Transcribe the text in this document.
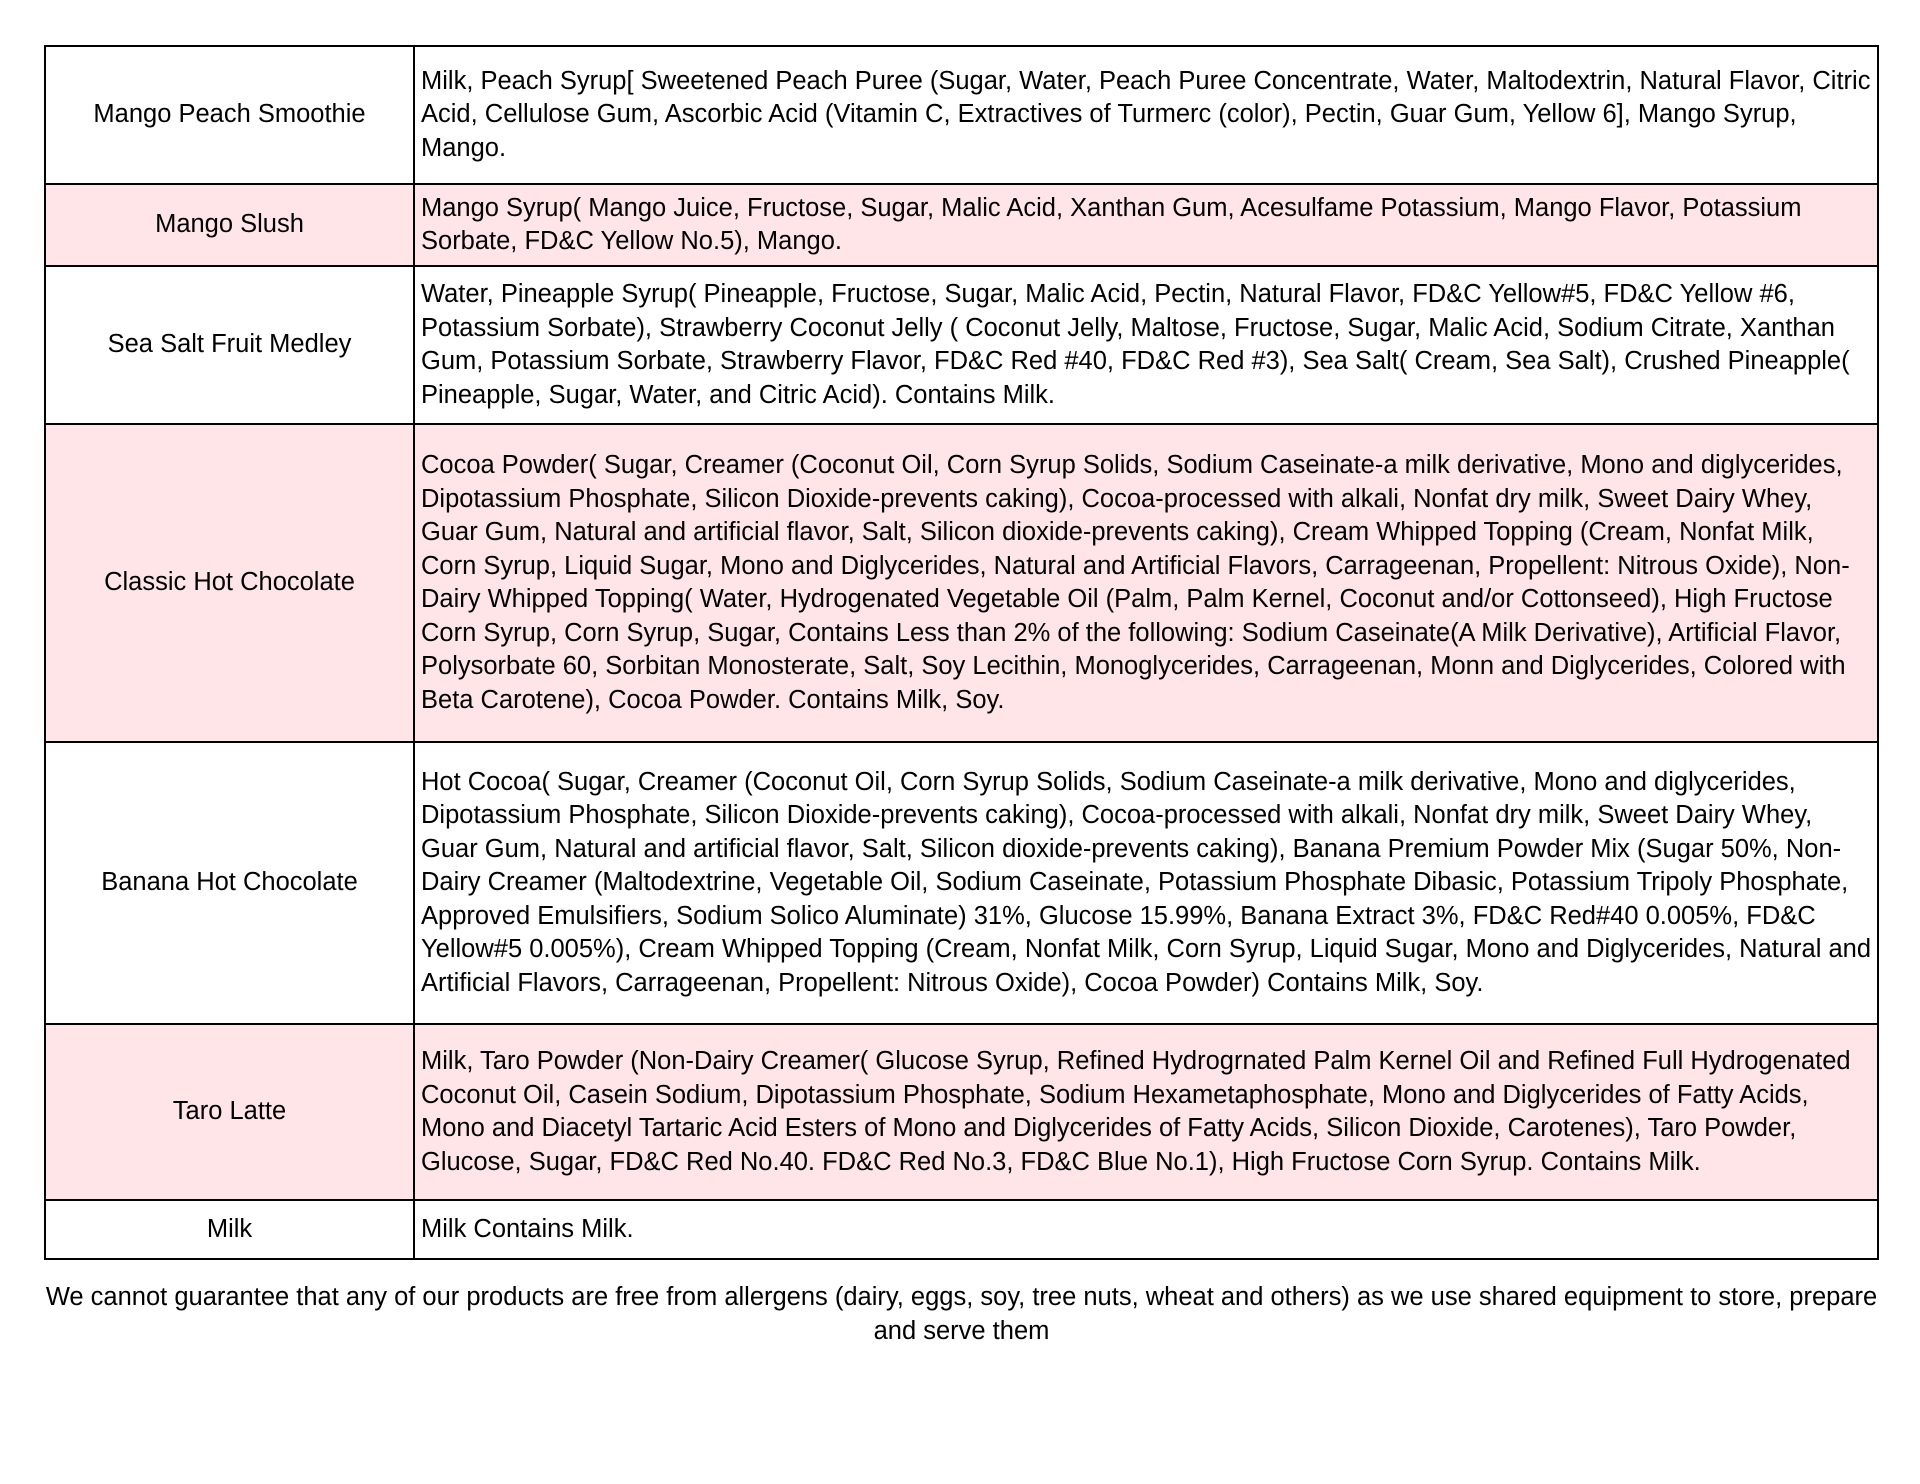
Mango Peach Smoothie	Milk, Peach Syrup[ Sweetened Peach Puree (Sugar, Water, Peach Puree Concentrate, Water, Maltodextrin, Natural Flavor, Citric Acid, Cellulose Gum, Ascorbic Acid (Vitamin C, Extractives of Turmerc (color), Pectin, Guar Gum, Yellow 6], Mango Syrup, Mango.
Mango Slush	Mango Syrup( Mango Juice, Fructose, Sugar, Malic Acid, Xanthan Gum, Acesulfame Potassium, Mango Flavor, Potassium Sorbate, FD&C Yellow No.5), Mango.
Sea Salt Fruit Medley	Water, Pineapple Syrup( Pineapple, Fructose, Sugar, Malic Acid, Pectin, Natural Flavor, FD&C Yellow#5, FD&C Yellow #6, Potassium Sorbate), Strawberry Coconut Jelly ( Coconut Jelly, Maltose, Fructose, Sugar, Malic Acid, Sodium Citrate, Xanthan Gum, Potassium Sorbate, Strawberry Flavor, FD&C Red #40, FD&C Red #3), Sea Salt( Cream, Sea Salt), Crushed Pineapple( Pineapple, Sugar, Water, and Citric Acid). Contains Milk.
Classic Hot Chocolate	Cocoa Powder( Sugar, Creamer (Coconut Oil, Corn Syrup Solids, Sodium Caseinate-a milk derivative, Mono and diglycerides, Dipotassium Phosphate, Silicon Dioxide-prevents caking), Cocoa-processed with alkali, Nonfat dry milk, Sweet Dairy Whey, Guar Gum, Natural and artificial flavor, Salt, Silicon dioxide-prevents caking), Cream Whipped Topping (Cream, Nonfat Milk, Corn Syrup, Liquid Sugar, Mono and Diglycerides, Natural and Artificial Flavors, Carrageenan, Propellent: Nitrous Oxide), Non-Dairy Whipped Topping( Water, Hydrogenated Vegetable Oil (Palm, Palm Kernel, Coconut and/or Cottonseed), High Fructose Corn Syrup, Corn Syrup, Sugar, Contains Less than 2% of the following: Sodium Caseinate(A Milk Derivative), Artificial Flavor, Polysorbate 60, Sorbitan Monosterate, Salt, Soy Lecithin, Monoglycerides, Carrageenan, Monn and Diglycerides, Colored with Beta Carotene), Cocoa Powder. Contains Milk, Soy.
Banana Hot Chocolate	Hot Cocoa( Sugar, Creamer (Coconut Oil, Corn Syrup Solids, Sodium Caseinate-a milk derivative, Mono and diglycerides, Dipotassium Phosphate, Silicon Dioxide-prevents caking), Cocoa-processed with alkali, Nonfat dry milk, Sweet Dairy Whey, Guar Gum, Natural and artificial flavor, Salt, Silicon dioxide-prevents caking), Banana Premium Powder Mix (Sugar 50%, Non-Dairy Creamer (Maltodextrine, Vegetable Oil, Sodium Caseinate, Potassium Phosphate Dibasic, Potassium Tripoly Phosphate, Approved Emulsifiers, Sodium Solico Aluminate) 31%, Glucose 15.99%, Banana Extract 3%, FD&C Red#40 0.005%, FD&C Yellow#5 0.005%), Cream Whipped Topping (Cream, Nonfat Milk, Corn Syrup, Liquid Sugar, Mono and Diglycerides, Natural and Artificial Flavors, Carrageenan, Propellent: Nitrous Oxide), Cocoa Powder) Contains Milk, Soy.
Taro Latte	Milk, Taro Powder (Non-Dairy Creamer( Glucose Syrup, Refined Hydrogrnated Palm Kernel Oil and Refined Full Hydrogenated Coconut Oil, Casein Sodium, Dipotassium Phosphate, Sodium Hexametaphosphate, Mono and Diglycerides of Fatty Acids, Mono and Diacetyl Tartaric Acid Esters of Mono and Diglycerides of Fatty Acids, Silicon Dioxide, Carotenes), Taro Powder, Glucose, Sugar, FD&C Red No.40. FD&C Red No.3, FD&C Blue No.1), High Fructose Corn Syrup. Contains Milk.
Milk	Milk Contains Milk.

We cannot guarantee that any of our products are free from allergens (dairy, eggs, soy, tree nuts, wheat and others) as we use shared equipment to store, prepare and serve them
